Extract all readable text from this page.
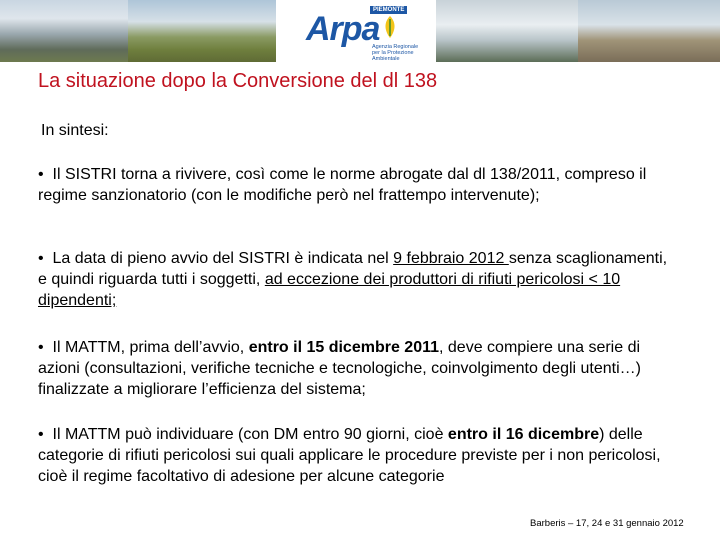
PIEMONTE
Arpa
Agenzia Regionale
per la Protezione Ambientale
La situazione dopo la Conversione del dl 138
In sintesi:

• Il SISTRI torna a rivivere, così come le norme abrogate dal dl 138/2011, compreso il regime sanzionatorio (con le modifiche però nel frattempo intervenute);

• La data di pieno avvio del SISTRI è indicata nel 9 febbraio 2012 senza scaglionamenti, e quindi riguarda tutti i soggetti, ad eccezione dei produttori di rifiuti pericolosi < 10 dipendenti;

• Il MATTM, prima dell’avvio, entro il 15 dicembre 2011, deve compiere una serie di azioni (consultazioni, verifiche tecniche e tecnologiche, coinvolgimento degli utenti…) finalizzate a migliorare l’efficienza del sistema;

• Il MATTM può individuare (con DM entro 90 giorni, cioè entro il 16 dicembre) delle categorie di rifiuti pericolosi sui quali applicare le procedure previste per i non pericolosi, cioè il regime facoltativo di adesione per alcune categorie

Barberis – 17, 24 e 31 gennaio 2012
